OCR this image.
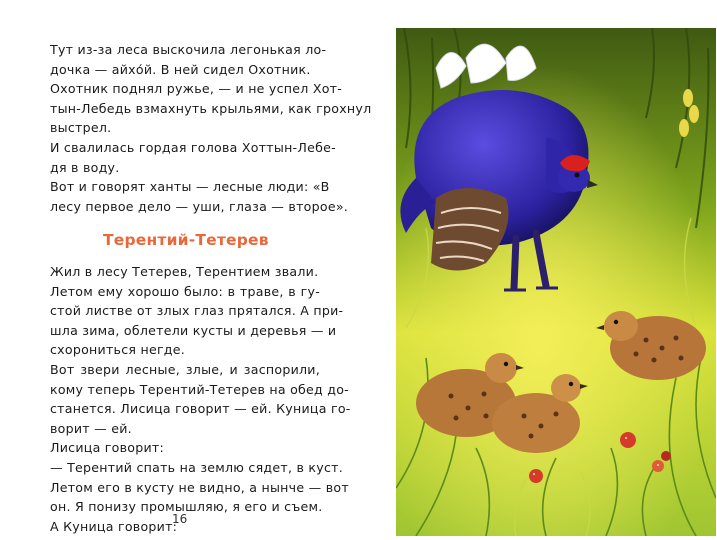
Тут из-за леса выскочила легонькая ло-
дочка — айхо́й. В ней сидел Охотник.
Охотник поднял ружье, — и не успел Хот-
тын-Лебедь взмахнуть крыльями, как грохнул
выстрел.
И свалилась гордая голова Хоттын-Лебе-
дя в воду.
Вот и говорят ханты — лесные люди: «В
лесу первое дело — уши, глаза — второе».

Терентий-Тетерев

Жил в лесу Тетерев, Терентием звали.
Летом ему хорошо было: в траве, в гу-
стой листве от злых глаз прятался. А при-
шла зима, облетели кусты и деревья — и
схорониться негде.
Вот звери лесные, злые, и заспорили,
кому теперь Терентий-Тетерев на обед до-
станется. Лисица говорит — ей. Куница го-
ворит — ей.
Лисица говорит:
— Терентий спать на землю сядет, в куст.
Летом его в кусту не видно, а нынче — вот
он. Я понизу промышляю, я его и съем.
А Куница говорит:

16
